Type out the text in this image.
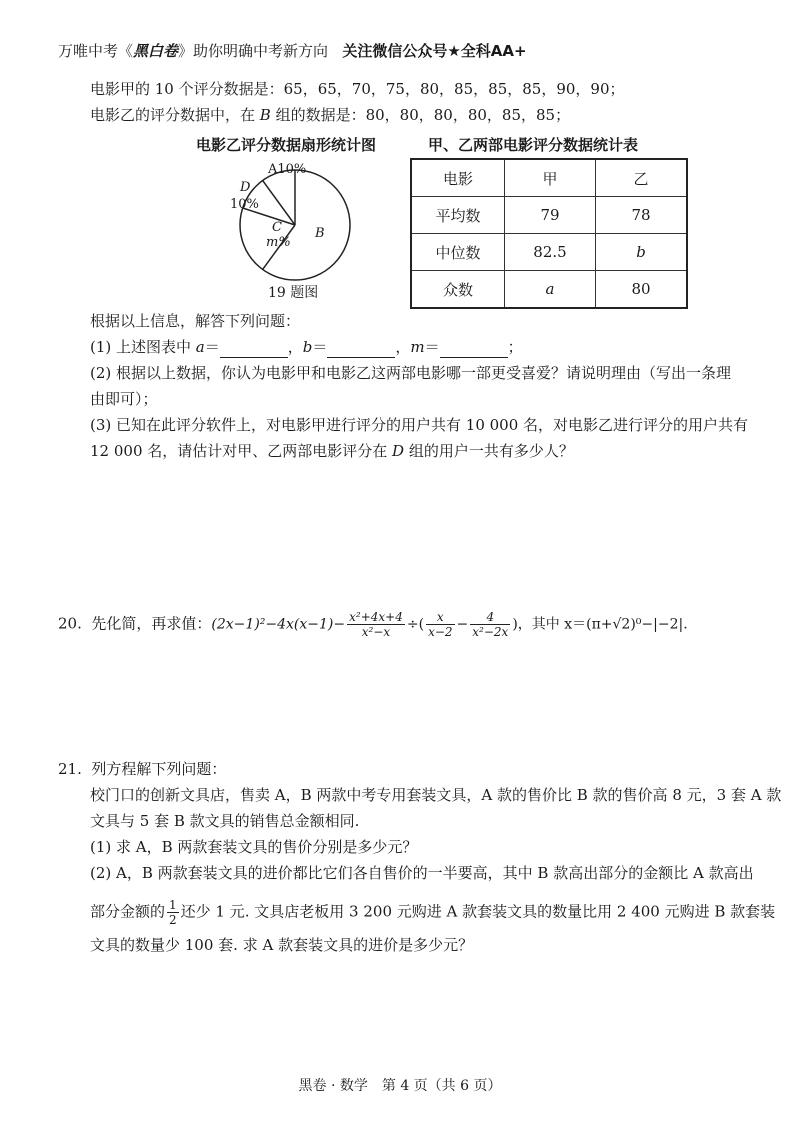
万唯中考《黑白卷》助你明确中考新方向 关注微信公众号★全科AA+
电影甲的 10 个评分数据是：65，65，70，75，80，85，85，85，90，90；
电影乙的评分数据中，在 B 组的数据是：80，80，80，80，85，85；
电影乙评分数据扇形统计图
A10%
D
10%
C
m%
B
19 题图
甲、乙两部电影评分数据统计表
电影	甲	乙
平均数	79	78
中位数	82.5	b
众数	a	80
根据以上信息，解答下列问题：
(1) 上述图表中 a＝	，b＝	，m＝	；
(2) 根据以上数据，你认为电影甲和电影乙这两部电影哪一部更受喜爱？请说明理由（写出一条理
由即可）；
(3) 已知在此评分软件上，对电影甲进行评分的用户共有 10 000 名，对电影乙进行评分的用户共有
12 000 名，请估计对甲、乙两部电影评分在 D 组的用户一共有多少人？
20. 先化简，再求值：$(2x-1)^2-4x(x-1)- \frac{\text{x²+4x+4}}{\text{x²−x}}$ ÷( $\frac{x}{x-2} - \frac{4}{\text{x²−2x}}$ )，其中 x＝(π+√2)⁰−|−2|.
21. 列方程解下列问题：
校门口的创新文具店，售卖 A，B 两款中考专用套装文具，A 款的售价比 B 款的售价高 8 元，3 套 A 款
文具与 5 套 B 款文具的销售总金额相同.
(1) 求 A，B 两款套装文具的售价分别是多少元？
(2) A，B 两款套装文具的进价都比它们各自售价的一半要高，其中 B 款高出部分的金额比 A 款高出
部分金额的 $\frac{1}{2}$ 还少 1 元. 文具店老板用 3 200 元购进 A 款套装文具的数量比用 2 400 元购进 B 款套装
文具的数量少 100 套. 求 A 款套装文具的进价是多少元？
黑卷 · 数学　第 4 页（共 6 页）
